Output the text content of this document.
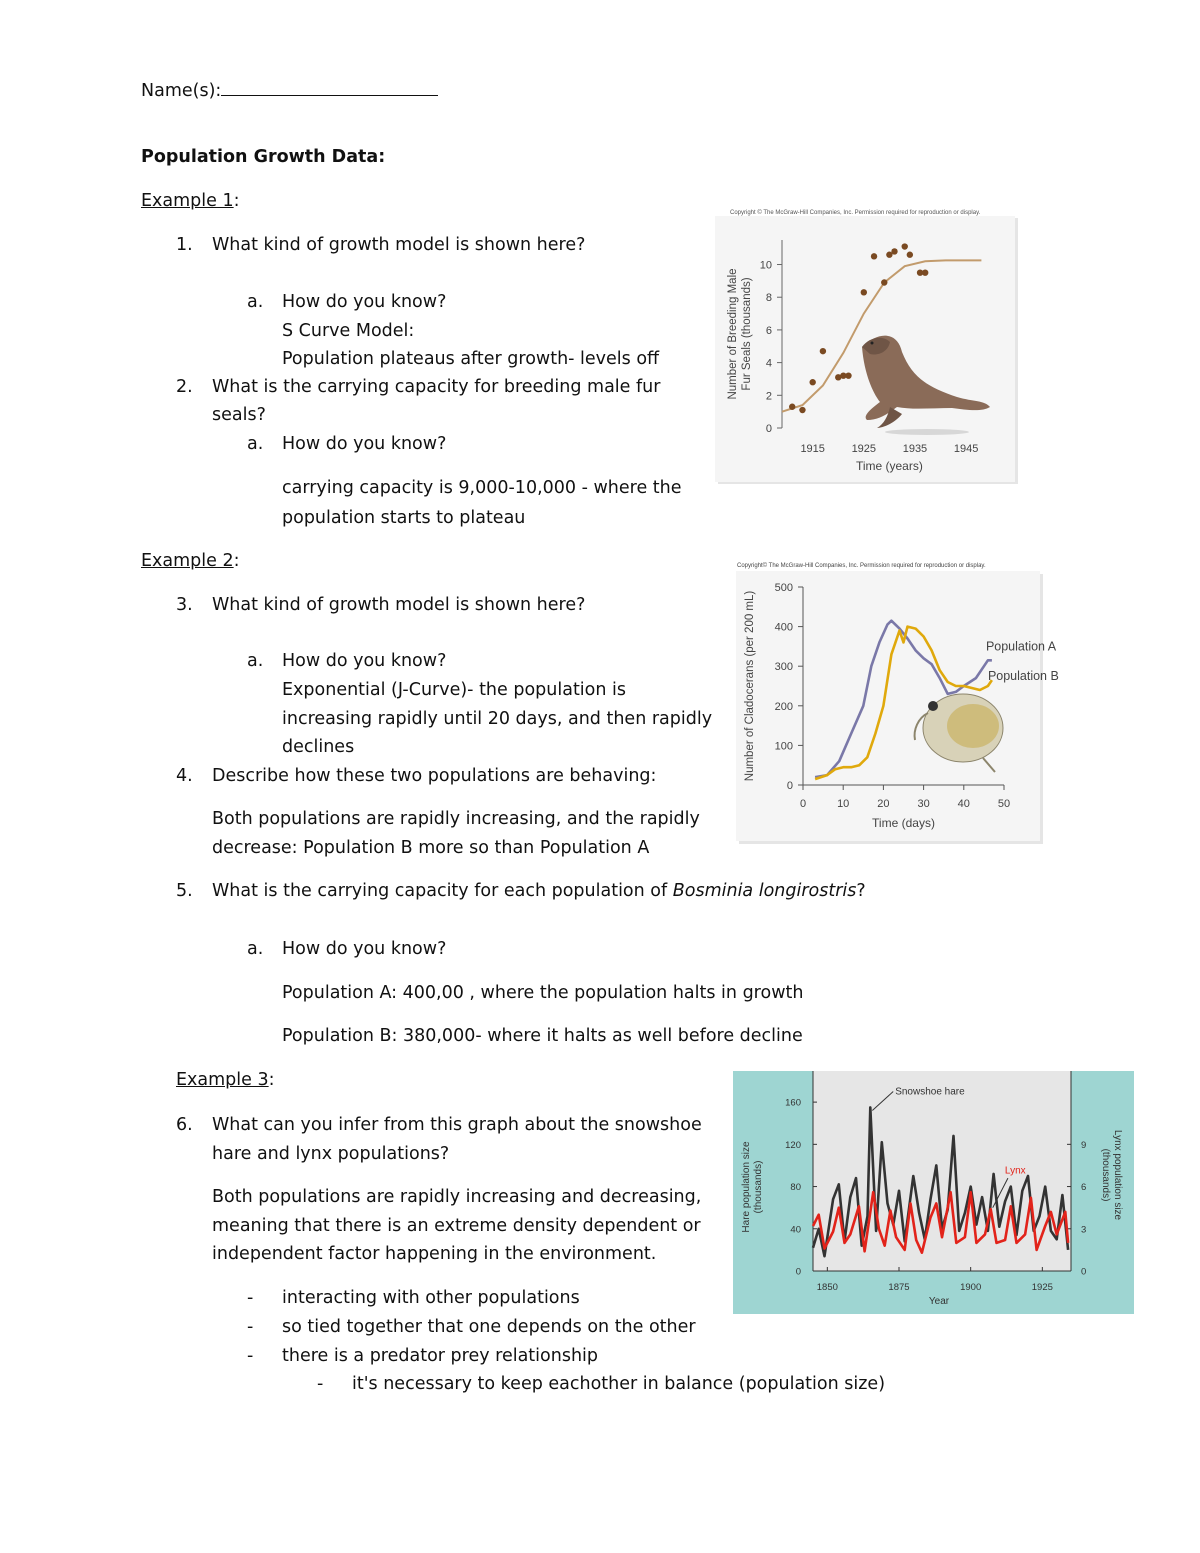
Name(s):
Population Growth Data:
Example 1:
1. What kind of growth model is shown here?
a. How do you know?
S Curve Model:
Population plateaus after growth- levels off
2. What is the carrying capacity for breeding male fur
seals?
a. How do you know?
carrying capacity is 9,000-10,000 - where the
population starts to plateau
Example 2:
3. What kind of growth model is shown here?
a. How do you know?
Exponential (J-Curve)- the population is
increasing rapidly until 20 days, and then rapidly
declines
4. Describe how these two populations are behaving:
Both populations are rapidly increasing, and the rapidly
decrease: Population B more so than Population A
5. What is the carrying capacity for each population of Bosminia longirostris?
a. How do you know?
Population A: 400,00 , where the population halts in growth
Population B: 380,000- where it halts as well before decline
Example 3:
6. What can you infer from this graph about the snowshoe
hare and lynx populations?
Both populations are rapidly increasing and decreasing,
meaning that there is an extreme density dependent or
independent factor happening in the environment.
- interacting with other populations
- so tied together that one depends on the other
- there is a predator prey relationship
- it's necessary to keep eachother in balance (population size)
Copyright © The McGraw-Hill Companies, Inc. Permission required for reproduction or display.
0
2
4
6
8
10
1915 1925 1935 1945
Time (years)
Number of Breeding Male Fur Seals (thousands)
Copyright© The McGraw-Hill Companies, Inc. Permission required for reproduction or display.
0
100
200
300
400
500
0	10	20	30	40	50
Time (days)
Number of Cladocerans (per 200 mL)	Population A
Population B
0
40
80
120
160
0
3
6
9
1850	1875	1900	1925
Year
Hare population size(thousands)	Lynx population size(thousands)
Snowshoe hare
Lynx
